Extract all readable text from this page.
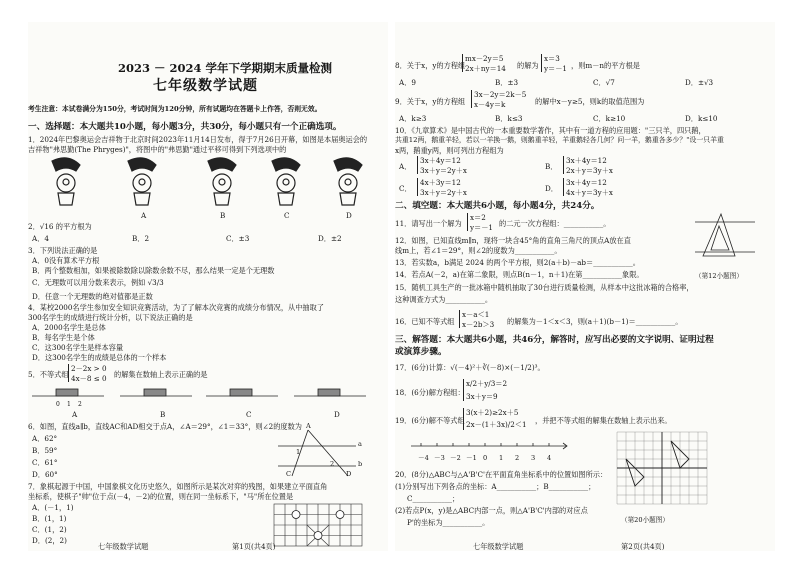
2023 － 2024 学年下学期期末质量检测
七年级数学试题
考生注意：本试卷满分为150分，考试时间为120分钟，所有试题均在答题卡上作答，否则无效。
一、选择题：本大题共10小题，每小题3分，共30分，每小题只有一个正确选项。
1．2024年巴黎奥运会吉祥物于北京时间2023年11月14日发布，得于7月26日开幕，如图是本届奥运会的
吉祥物"弗思勤(The Phryges)"，将图中的"弗思勤"通过平移可得到下列选项中的
A	B	C	D
2．√16 的平方根为
A．4	B．2	C．±3	D．±2
3．下列说法正确的是
A．0没有算术平方根
B．两个整数相加，如果被除数除以除数余数不尽，那么结果一定是个无理数
C．无理数可以用分数来表示，例如 √3/3
D．任意一个无理数的绝对值都是正数
4．某校2000名学生参加安全知识竞赛活动，为了了解本次竞赛的成绩分布情况，从中抽取了
300名学生的成绩进行统计分析，以下说法正确的是
A．2000名学生是总体
B．每名学生是个体
C．这300名学生是样本容量
D．这300名学生的成绩是总体的一个样本
5．不等式组
2－2x > 0
4x－8 ≤ 0 的解集在数轴上表示正确的是
0 1 2
A	B	C	D
6．如图，直线a∥b，直线AC和AD相交于点A，∠A＝29°，∠1＝33°，则∠2的度数为
A．62°
B．59°
C．61°
D．60°
a
b
A
C	D
1
2
7．象棋起源于中国，中国象棋文化历史悠久，如图所示是某次对弈的残图，如果建立平面直角
坐标系，使棋子"帅"位于点(－4，－2)的位置，则在同一坐标系下，"马"所在位置是
A．(－1，1)
B．(1，1)
C．(1，2)
D．(2，2)
七年级数学试题	第1页(共4页)
8．关于x，y的方程组
mx－2y＝5
2x＋ny＝14 的解为
x＝3
y＝－1 ，则m－n的平方根是
A．9	B．±3	C．√7	D．±√3
9．关于x，y的方程组
3x－2y＝2k－5
x－4y＝k	的解中x－y≥5，则k的取值范围为
A．k≥3	B．k≤3	C．k≥10	D．k≤10
10．《九章算术》是中国古代的一本重要数学著作，其中有一道方程的应用题："三只羊，四只鹅，
共重12两，鹅重羊轻，若以一羊换一鹅，则鹅重羊轻，羊重鹅轻各几何？问一羊，鹅重各多少？"设一只羊重
x两，鹅重y两，则可列出方程组为
A．
3x＋4y＝12
3x＋y＝2y＋x	B．
3x＋4y＝12
2x＋y＝3y＋x
C．
4x＋3y＝12
3x＋y＝2y＋x	D．
3x＋4y＝12
4x＋y＝3y＋x
二、填空题：本大题共6小题，每小题4分，共24分。
11．请写出一个解为
x＝2
y＝－1 的二元一次方程组：___________。
12．如图，已知直线m∥n，现将一块含45°角的直角三角尺的顶点A放在直
线m上，若∠1＝29°，则∠2的度数为___________。
13．若实数a，b满足 2024 的两个平方根，则2(a＋b)－ab＝___________。
14．若点A(－2，a)在第二象限，则点B(n－1，n＋1)在第___________象限。	（第12小题图）
15．随机工具生产的一批冰箱中随机抽取了30台进行质量检测，从样本中这批冰箱的合格率，
这种调查方式为___________。
16．已知不等式组
x－a＜1
x－2b＞3 的解集为－1＜x＜3，则(a＋1)(b－1)＝___________。
三、解答题：本大题共6小题，共46分，解答时，应写出必要的文字说明、证明过程
或演算步骤。
17．(6分)计算：√(－4)²＋∛(－8)×(－1/2)³。
18．(6分)解方程组：
x/2＋y/3＝2
3x＋y＝9
19．(6分)解不等式组
3(x＋2)≥2x＋5
2x－(1＋3x)/2＜1 ，并把不等式组的解集在数轴上表示出来。
－4 －3 －2 －1 0 1 2 3 4
20．(8分)△ABC与△A'B'C'在平面直角坐标系中的位置如图所示：
(1)分别写出下列各点的坐标：A___________；B___________；
C___________；
(2)若点P(x，y)是△ABC内部一点，则△A'B'C'内部的对应点
P'的坐标为___________。	（第20小题图）
七年级数学试题	第2页(共4页)
